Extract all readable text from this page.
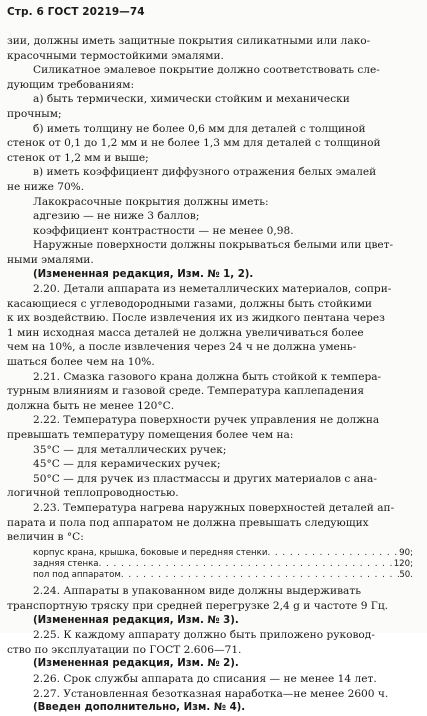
Стр. 6 ГОСТ 20219—74
зии, должны иметь защитные покрытия силикатными или лако-
красочными термостойкими эмалями.
Силикатное эмалевое покрытие должно соответствовать сле-
дующим требованиям:
а) быть термически, химически стойким и механически
прочным;
б) иметь толщину не более 0,6 мм для деталей с толщиной
стенок от 0,1 до 1,2 мм и не более 1,3 мм для деталей с толщиной
стенок от 1,2 мм и выше;
в) иметь коэффициент диффузного отражения белых эмалей
не ниже 70%.
Лакокрасочные покрытия должны иметь:
адгезию — не ниже 3 баллов;
коэффициент контрастности — не менее 0,98.
Наружные поверхности должны покрываться белыми или цвет-
ными эмалями.
(Измененная редакция, Изм. № 1, 2).
2.20. Детали аппарата из неметаллических материалов, сопри-
касающиеся с углеводородными газами, должны быть стойкими
к их воздействию. После извлечения их из жидкого пентана через
1 мин исходная масса деталей не должна увеличиваться более
чем на 10%, а после извлечения через 24 ч не должна умень-
шаться более чем на 10%.
2.21. Смазка газового крана должна быть стойкой к темпера-
турным влияниям и газовой среде. Температура каплепадения
должна быть не менее 120°С.
2.22. Температура поверхности ручек управления не должна
превышать температуру помещения более чем на:
35°С — для металлических ручек;
45°С — для керамических ручек;
50°С — для ручек из пластмассы и других материалов с ана-
логичной теплопроводностью.
2.23. Температура нагрева наружных поверхностей деталей ап-
парата и пола под аппаратом не должна превышать следующих
величин в °С:
корпус крана, крышка, боковые и передняя стенки . . .	90;
задняя стенка . . .	120;
пол под аппаратом . . .	50.
2.24. Аппараты в упакованном виде должны выдерживать
транспортную тряску при средней перегрузке 2,4 g и частоте 9 Гц.
(Измененная редакция, Изм. № 3).
2.25. К каждому аппарату должно быть приложено руковод-
ство по эксплуатации по ГОСТ 2.606—71.
(Измененная редакция, Изм. № 2).
2.26. Срок службы аппарата до списания — не менее 14 лет.
2.27. Установленная безотказная наработка—не менее 2600 ч.
(Введен дополнительно, Изм. № 4).
